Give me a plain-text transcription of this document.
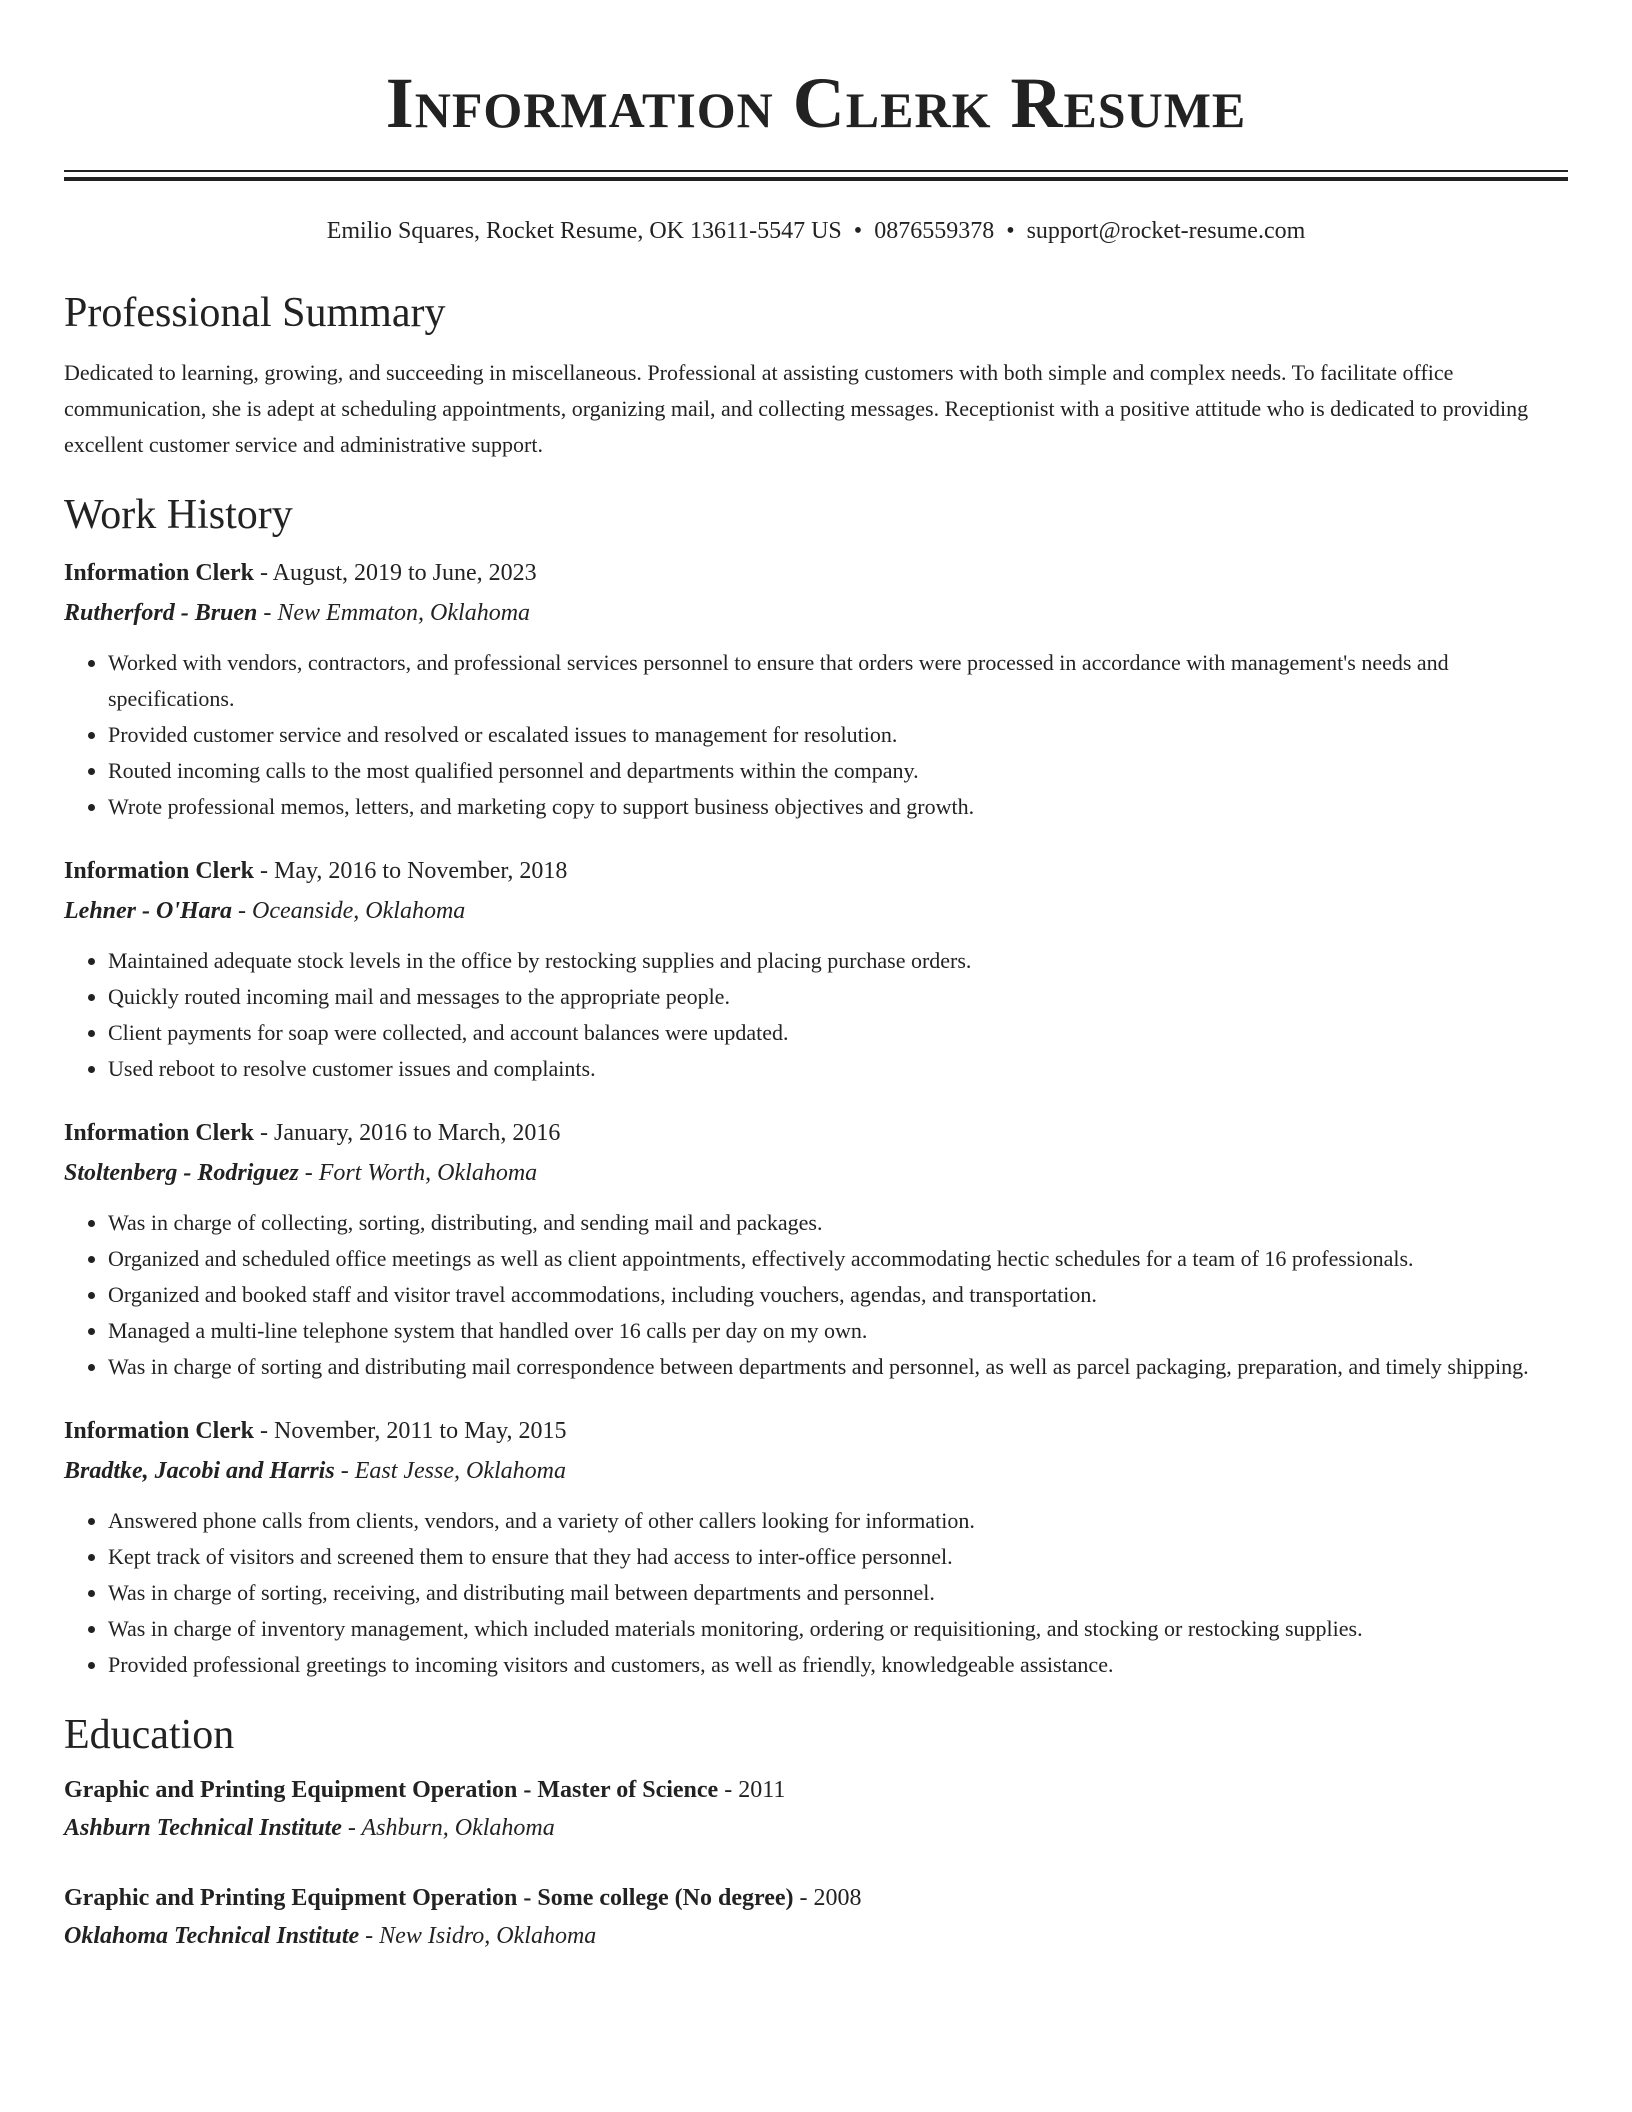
Information Clerk Resume
Emilio Squares, Rocket Resume, OK 13611-5547 US • 0876559378 • support@rocket-resume.com
Professional Summary

Dedicated to learning, growing, and succeeding in miscellaneous. Professional at assisting customers with both simple and complex needs. To facilitate office communication, she is adept at scheduling appointments, organizing mail, and collecting messages. Receptionist with a positive attitude who is dedicated to providing excellent customer service and administrative support.

Work History
Information Clerk - August, 2019 to June, 2023
Rutherford - Bruen - New Emmaton, Oklahoma
• Worked with vendors, contractors, and professional services personnel to ensure that orders were processed in accordance with management's needs and specifications.
• Provided customer service and resolved or escalated issues to management for resolution.
• Routed incoming calls to the most qualified personnel and departments within the company.
• Wrote professional memos, letters, and marketing copy to support business objectives and growth.
Information Clerk - May, 2016 to November, 2018
Lehner - O'Hara - Oceanside, Oklahoma
• Maintained adequate stock levels in the office by restocking supplies and placing purchase orders.
• Quickly routed incoming mail and messages to the appropriate people.
• Client payments for soap were collected, and account balances were updated.
• Used reboot to resolve customer issues and complaints.
Information Clerk - January, 2016 to March, 2016
Stoltenberg - Rodriguez - Fort Worth, Oklahoma
• Was in charge of collecting, sorting, distributing, and sending mail and packages.
• Organized and scheduled office meetings as well as client appointments, effectively accommodating hectic schedules for a team of 16 professionals.
• Organized and booked staff and visitor travel accommodations, including vouchers, agendas, and transportation.
• Managed a multi-line telephone system that handled over 16 calls per day on my own.
• Was in charge of sorting and distributing mail correspondence between departments and personnel, as well as parcel packaging, preparation, and timely shipping.
Information Clerk - November, 2011 to May, 2015
Bradtke, Jacobi and Harris - East Jesse, Oklahoma
• Answered phone calls from clients, vendors, and a variety of other callers looking for information.
• Kept track of visitors and screened them to ensure that they had access to inter-office personnel.
• Was in charge of sorting, receiving, and distributing mail between departments and personnel.
• Was in charge of inventory management, which included materials monitoring, ordering or requisitioning, and stocking or restocking supplies.
• Provided professional greetings to incoming visitors and customers, as well as friendly, knowledgeable assistance.
Education
Graphic and Printing Equipment Operation - Master of Science - 2011
Ashburn Technical Institute - Ashburn, Oklahoma
Graphic and Printing Equipment Operation - Some college (No degree) - 2008
Oklahoma Technical Institute - New Isidro, Oklahoma
